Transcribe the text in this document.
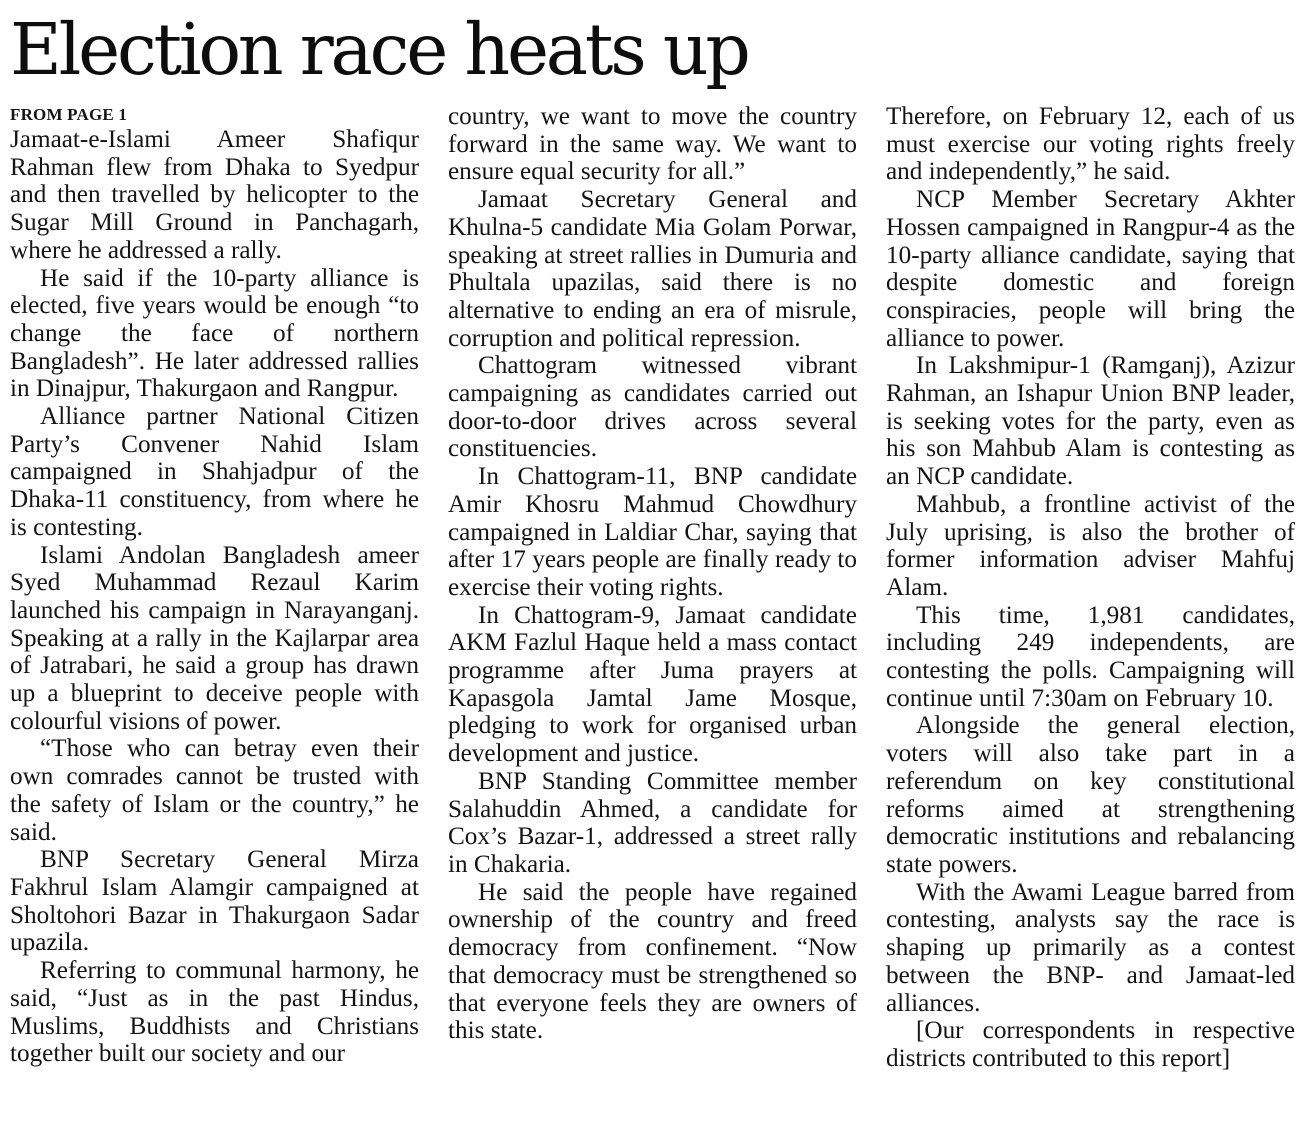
Election race heats up
FROM PAGE 1

Jamaat-e-Islami Ameer Shafiqur Rahman flew from Dhaka to Syedpur and then travelled by helicopter to the Sugar Mill Ground in Panchagarh, where he addressed a rally.

He said if the 10-party alliance is elected, five years would be enough “to change the face of northern Bangladesh”. He later addressed rallies in Dinajpur, Thakurgaon and Rangpur.

Alliance partner National Citizen Party’s Convener Nahid Islam campaigned in Shahjadpur of the Dhaka-11 constituency, from where he is contesting.

Islami Andolan Bangladesh ameer Syed Muhammad Rezaul Karim launched his campaign in Narayanganj. Speaking at a rally in the Kajlarpar area of Jatrabari, he said a group has drawn up a blueprint to deceive people with colourful visions of power.

“Those who can betray even their own comrades cannot be trusted with the safety of Islam or the country,” he said.

BNP Secretary General Mirza Fakhrul Islam Alamgir campaigned at Sholtohori Bazar in Thakurgaon Sadar upazila.

Referring to communal harmony, he said, “Just as in the past Hindus, Muslims, Buddhists and Christians together built our society and our

country, we want to move the country forward in the same way. We want to ensure equal security for all.”

Jamaat Secretary General and Khulna-5 candidate Mia Golam Porwar, speaking at street rallies in Dumuria and Phultala upazilas, said there is no alternative to ending an era of misrule, corruption and political repression.

Chattogram witnessed vibrant campaigning as candidates carried out door-to-door drives across several constituencies.

In Chattogram-11, BNP candidate Amir Khosru Mahmud Chowdhury campaigned in Laldiar Char, saying that after 17 years people are finally ready to exercise their voting rights.

In Chattogram-9, Jamaat candidate AKM Fazlul Haque held a mass contact programme after Juma prayers at Kapasgola Jamtal Jame Mosque, pledging to work for organised urban development and justice.

BNP Standing Committee member Salahuddin Ahmed, a candidate for Cox’s Bazar-1, addressed a street rally in Chakaria.

He said the people have regained ownership of the country and freed democracy from confinement. “Now that democracy must be strengthened so that everyone feels they are owners of this state.

Therefore, on February 12, each of us must exercise our voting rights freely and independently,” he said.

NCP Member Secretary Akhter Hossen campaigned in Rangpur-4 as the 10-party alliance candidate, saying that despite domestic and foreign conspiracies, people will bring the alliance to power.

In Lakshmipur-1 (Ramganj), Azizur Rahman, an Ishapur Union BNP leader, is seeking votes for the party, even as his son Mahbub Alam is contesting as an NCP candidate.

Mahbub, a frontline activist of the July uprising, is also the brother of former information adviser Mahfuj Alam.

This time, 1,981 candidates, including 249 independents, are contesting the polls. Campaigning will continue until 7:30am on February 10.

Alongside the general election, voters will also take part in a referendum on key constitutional reforms aimed at strengthening democratic institutions and rebalancing state powers.

With the Awami League barred from contesting, analysts say the race is shaping up primarily as a contest between the BNP- and Jamaat-led alliances.

[Our correspondents in respective districts contributed to this report]
